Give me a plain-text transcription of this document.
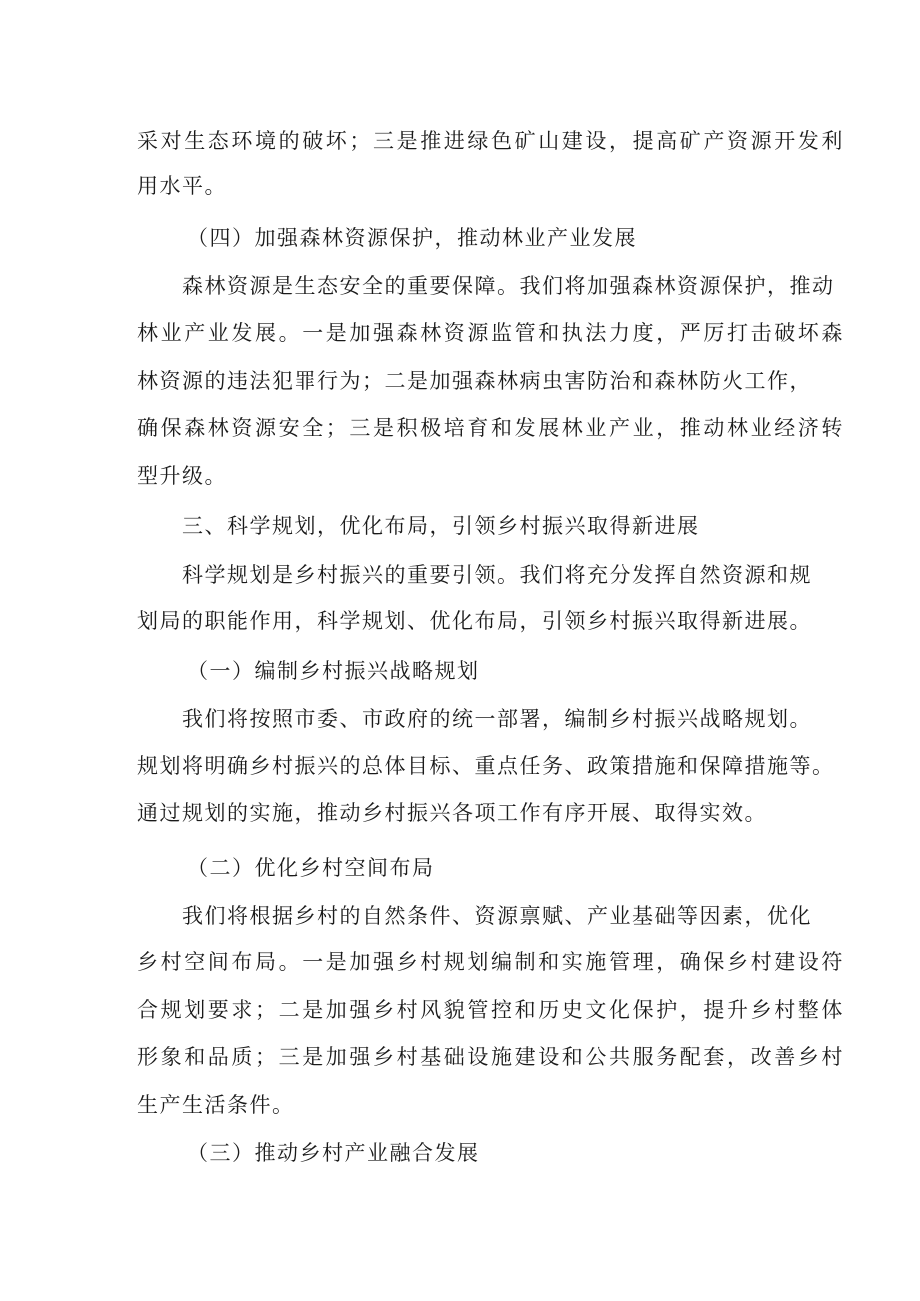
采对生态环境的破坏；三是推进绿色矿山建设，提高矿产资源开发利
用水平。
（四）加强森林资源保护，推动林业产业发展
森林资源是生态安全的重要保障。我们将加强森林资源保护，推动
林业产业发展。一是加强森林资源监管和执法力度，严厉打击破坏森
林资源的违法犯罪行为；二是加强森林病虫害防治和森林防火工作，
确保森林资源安全；三是积极培育和发展林业产业，推动林业经济转
型升级。
三、科学规划，优化布局，引领乡村振兴取得新进展
科学规划是乡村振兴的重要引领。我们将充分发挥自然资源和规
划局的职能作用，科学规划、优化布局，引领乡村振兴取得新进展。
（一）编制乡村振兴战略规划
我们将按照市委、市政府的统一部署，编制乡村振兴战略规划。
规划将明确乡村振兴的总体目标、重点任务、政策措施和保障措施等。
通过规划的实施，推动乡村振兴各项工作有序开展、取得实效。
（二）优化乡村空间布局
我们将根据乡村的自然条件、资源禀赋、产业基础等因素，优化
乡村空间布局。一是加强乡村规划编制和实施管理，确保乡村建设符
合规划要求；二是加强乡村风貌管控和历史文化保护，提升乡村整体
形象和品质；三是加强乡村基础设施建设和公共服务配套，改善乡村
生产生活条件。
（三）推动乡村产业融合发展
